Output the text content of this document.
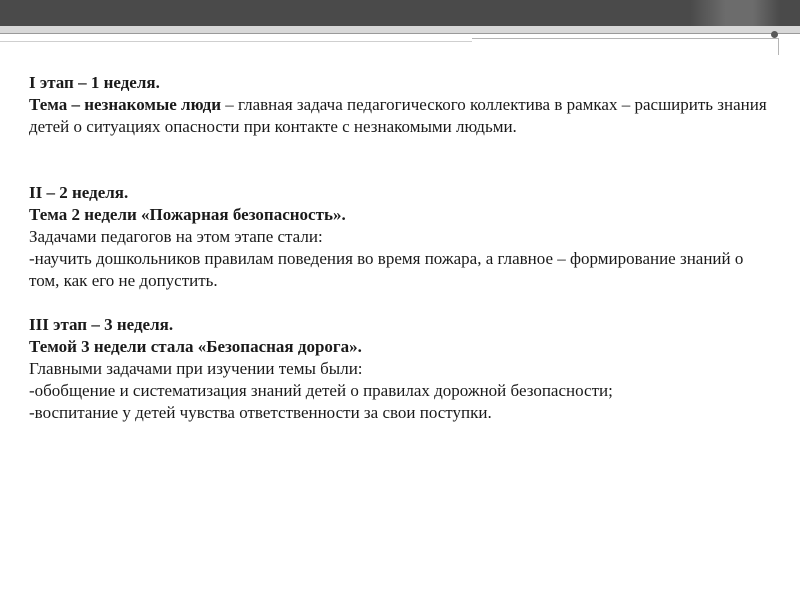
I этап – 1 неделя.

Тема – незнакомые люди – главная задача педагогического коллектива в рамках – расширить знания детей о ситуациях опасности при контакте с незнакомыми людьми.

II – 2 неделя.

Тема 2 недели «Пожарная безопасность».

Задачами педагогов на этом этапе стали:

-научить дошкольников правилам поведения во время пожара, а главное – формирование знаний о том, как его не допустить.

III этап – 3 неделя.

Темой 3 недели стала «Безопасная дорога».

Главными задачами при изучении темы были:

-обобщение и систематизация знаний детей о правилах дорожной безопасности;

-воспитание у детей чувства ответственности за свои поступки.
